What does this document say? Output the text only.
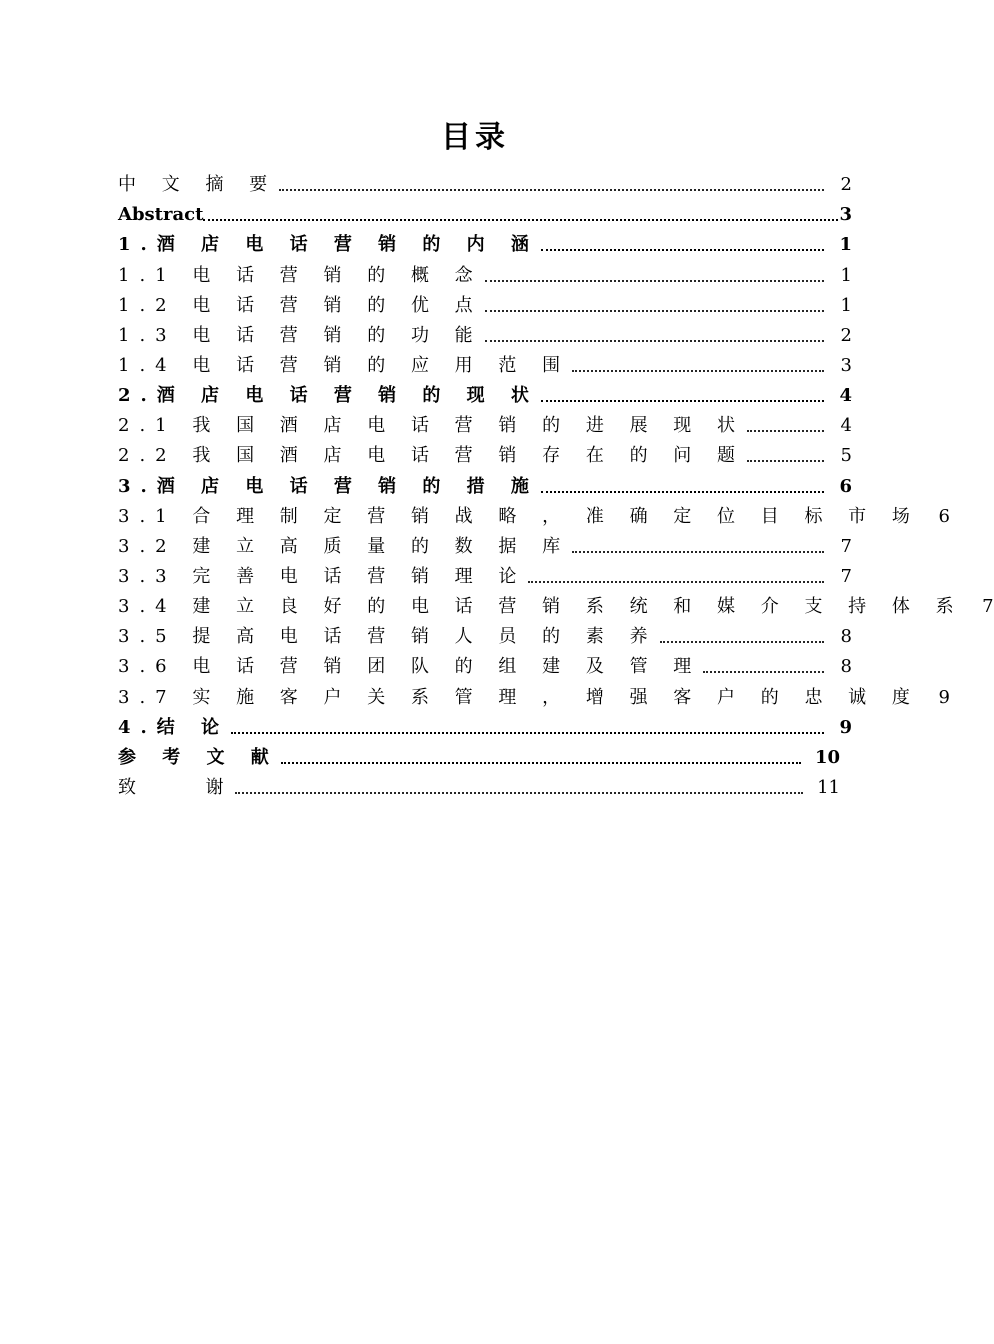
目录
中 文 摘 要	2
Abstract	3
1.酒 店 电 话 营 销 的 内 涵	1
1.1 电 话 营 销 的 概 念	1
1.2 电 话 营 销 的 优 点	1
1.3 电 话 营 销 的 功 能	2
1.4 电 话 营 销 的 应 用 范 围	3
2.酒 店 电 话 营 销 的 现 状	4
2.1 我 国 酒 店 电 话 营 销 的 进 展 现 状	4
2.2 我 国 酒 店 电 话 营 销 存 在 的 问 题	5
3.酒 店 电 话 营 销 的 措 施	6
3.1 合 理 制 定 营 销 战 略 ， 准 确 定 位 目 标 市 场 6
3.2 建 立 高 质 量 的 数 据 库	7
3.3 完 善 电 话 营 销 理 论	7
3.4 建 立 良 好 的 电 话 营 销 系 统 和 媒 介 支 持 体 系 7
3.5 提 高 电 话 营 销 人 员 的 素 养	8
3.6 电 话 营 销 团 队 的 组 建 及 管 理	8
3.7 实 施 客 户 关 系 管 理 ， 增 强 客 户 的 忠 诚 度 9
4.结 论	9
参 考 文 献	10
致 　 谢	11
